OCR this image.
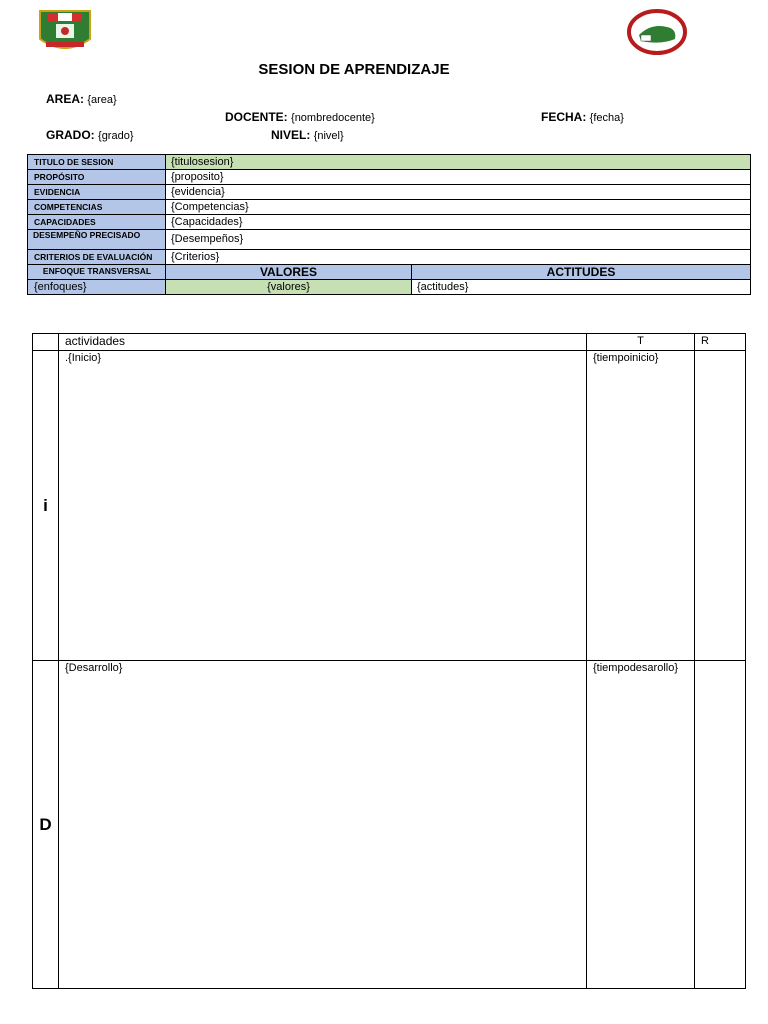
SESION DE APRENDIZAJE
AREA: {area}
DOCENTE: {nombredocente}	FECHA: {fecha}
GRADO: {grado}	NIVEL: {nivel}
TITULO DE SESION	{titulosesion}	
PROPÓSITO	{proposito}	
EVIDENCIA	{evidencia}	
COMPETENCIAS	{Competencias}	
CAPACIDADES	{Capacidades}	
DESEMPEÑO PRECISADO	{Desempeños}	
CRITERIOS DE EVALUACIÓN	{Criterios}	
ENFOQUE TRANSVERSAL	VALORES	ACTITUDES
{enfoques}	{valores}	{actitudes}
	actividades	T	R
i	.{Inicio}	{tiempoinicio}	
D	{Desarrollo}	{tiempodesarollo}	
